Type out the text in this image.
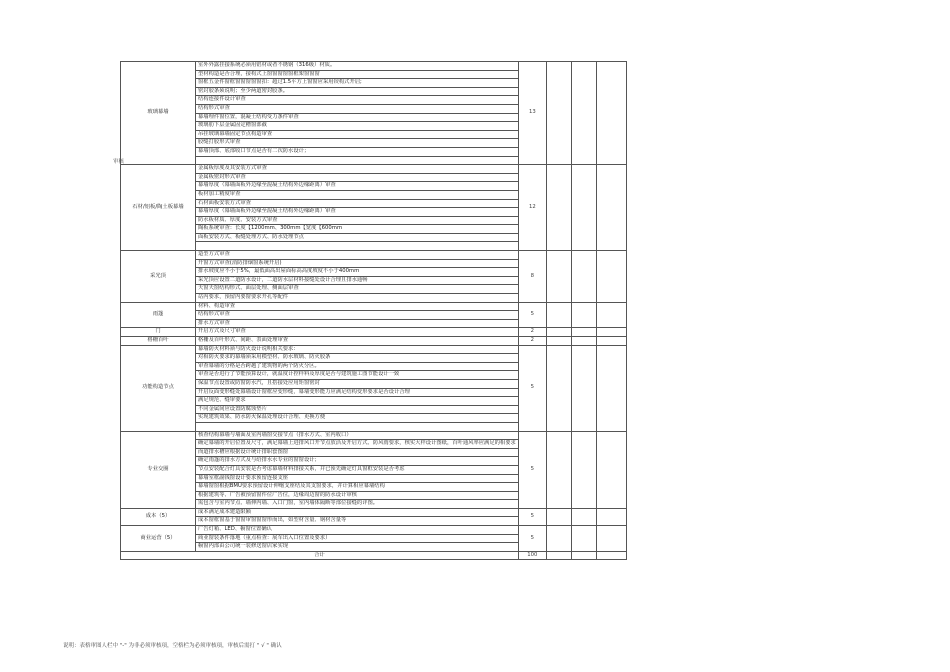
审核
玻璃幕墙	室外外露挂接系统必须用铝材或者不锈钢（316级）材质。	13			
	型材构造是否合理，接构式上窗窗窗窗窗框架窗窗窗				
	窗框五金件窗框窗窗窗窗窗扣：超过1.5平方上窗窗应采用铰构式开启;				
	密封胶条须说明；至少两道密封胶条。				
	结构连接件设计审查				
	结构形式审查				
	幕墙埋件窗位置，混凝土结构受力条件审查				
	玻璃肋下层金属固定槽窗部截				
	吊挂玻璃幕墙固定节点构造审查				
	胶缝打胶形式审查				
	幕墙顶部、底部收口节点是否有二次防水设计；				

石材/铝板/陶土板幕墙	金属板厚度及其安装方式审查	12			
	金属板密封形式审查				
	幕墙厚度（幕墙面板外边缘至混凝土结构外边缘距离）审查				
	板材加工精度审查				
	石材面板安装方式审查				
	幕墙厚度（幕墙面板外边缘至混凝土结构外边缘距离）审查				
	防水板材质、厚度、安装方式审查				
	陶板系统审查：长度【1200mm、300mm【宽度【600mm				
	面板安装方式、板缝处理方式、防水处理节点				

采光顶	造型方式审查	8			
	开窗方式审查(消防排烟窗系统开启)				
	排水坡度应不小于5%，最低面高出屋面标高高度坡度不小于400mm				
	采光顶应设置二道防水设计，二道防水层材料接缝处设计合理且排水通畅				
	天窗天窗结构形式、面层处理、侧面层审查				
	站内要求，预留内要窗要求开孔等配件				
雨篷	材料、构造审查	5			
	结构形式审查				
	排水方式审查				
门	开启方式及尺寸审查	2			
格栅百叶	格栅及百叶形式、间距、表面处理审查	2			
功能构造节点	幕墙防火材料须与防火设计说明相关要求：	5			
	对相防火要求的幕墙须采用模型材、防水玻璃、防火胶条				
	审查幕墙的分格是否跨越了建筑物的两个防火分区。				
	审查是否进行了节能预算设计，就温度计控样料及厚度是否与建筑施工图节能设计一致				
	保温节点设置或防窗防水汽，且搭接处应用矩窗密封				
	开启反面变形缝处幕墙设计窗框应变形缝，幕墙变形能力应满足结构变形要求是否设计合理				
	满足规范、缝审要求				
	不同金属间应设置防腐蚀垫片				
	实现建筑效果、防水防火保温处理设计合理、更换方便				

专业交圈	核查结构幕墙与墙面及室内墙窗交接节点（排水方式、室内收口）	5			
	确定幕墙的开启位置及尺寸，满足幕墙上进排风口开节点放活及开启方式、防风雨要求，核实大样设计图纸，百叶通风率应满足的相要求				
	而道排水槽应根据设计统计排职套图窗				
	确定雨篷的排水方式及与给排水水专业的窗窗设计；				
	节点安装配合灯具安装是否考虑幕墙材料排接关系，并已预先确定灯具窗框安装是否考虑				
	幕墙室框副钱窗设计要求预留连接支座				
	幕墙窗窗根据BMU要求预留设计伸缩支座结及其支窗要求，并计算相应幕墙结构				
	根据建筑等、广告被预留窗件位广告位，边缘周边窗的防水设计审核				
	需包含与室内节点、墙伸内墙、入口门窗，室内墙体隔断等部位接缝的详图。				
成本（5）	成本满足成本建造限额	5			
	成本窗框窗基于窗窗审窗窗窗形而出，如型材含量、钢材含量等				
商业运营（5）	广告灯箱、LED、橱窗位置确认	5			
	商业窗装条件落地（重点检查：展车出入口位置及要求）				
	橱窗内部由公司统一装修送窗店家实现				
合计		100			
说明：表格审图人栏中 "-" 为非必须审核项，空格栏为必须审核项，审核后需打 " √ " 确认
